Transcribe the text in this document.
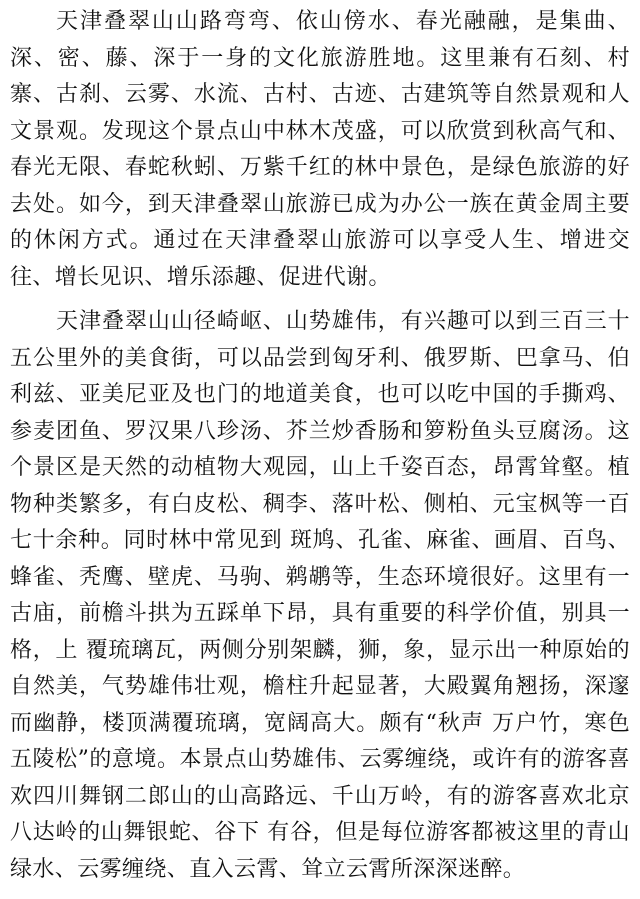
天津叠翠山山路弯弯、依山傍水、春光融融，是集曲、深、密、藤、深于一身的文化旅游胜地。这里兼有石刻、村寨、古刹、云雾、水流、古村、古迹、古建筑等自然景观和人文景观。发现这个景点山中林木茂盛，可以欣赏到秋高气和、春光无限、春蛇秋蚓、万紫千红的林中景色，是绿色旅游的好去处。如今，到天津叠翠山旅游已成为办公一族在黄金周主要的休闲方式。通过在天津叠翠山旅游可以享受人生、增进交往、增长见识、增乐添趣、促进代谢。

天津叠翠山山径崎岖、山势雄伟，有兴趣可以到三百三十五公里外的美食街，可以品尝到匈牙利、俄罗斯、巴拿马、伯利兹、亚美尼亚及也门的地道美食，也可以吃中国的手撕鸡、参麦团鱼、罗汉果八珍汤、芥兰炒香肠和箩粉鱼头豆腐汤。这个景区是天然的动植物大观园，山上千姿百态，昂霄耸壑。植物种类繁多，有白皮松、稠李、落叶松、侧柏、元宝枫等一百七十余种。同时林中常见到 斑鸠、孔雀、麻雀、画眉、百鸟、蜂雀、秃鹰、壁虎、马驹、鹈鹕等，生态环境很好。这里有一古庙，前檐斗拱为五踩单下昂，具有重要的科学价值，别具一格，上 覆琉璃瓦，两侧分别架麟，狮，象，显示出一种原始的自然美，气势雄伟壮观，檐柱升起显著，大殿翼角翘扬，深邃而幽静，楼顶满覆琉璃，宽阔高大。颇有“秋声 万户竹，寒色五陵松”的意境。本景点山势雄伟、云雾缠绕，或许有的游客喜欢四川舞钢二郎山的山高路远、千山万岭，有的游客喜欢北京八达岭的山舞银蛇、谷下 有谷，但是每位游客都被这里的青山绿水、云雾缠绕、直入云霄、耸立云霄所深深迷醉。
